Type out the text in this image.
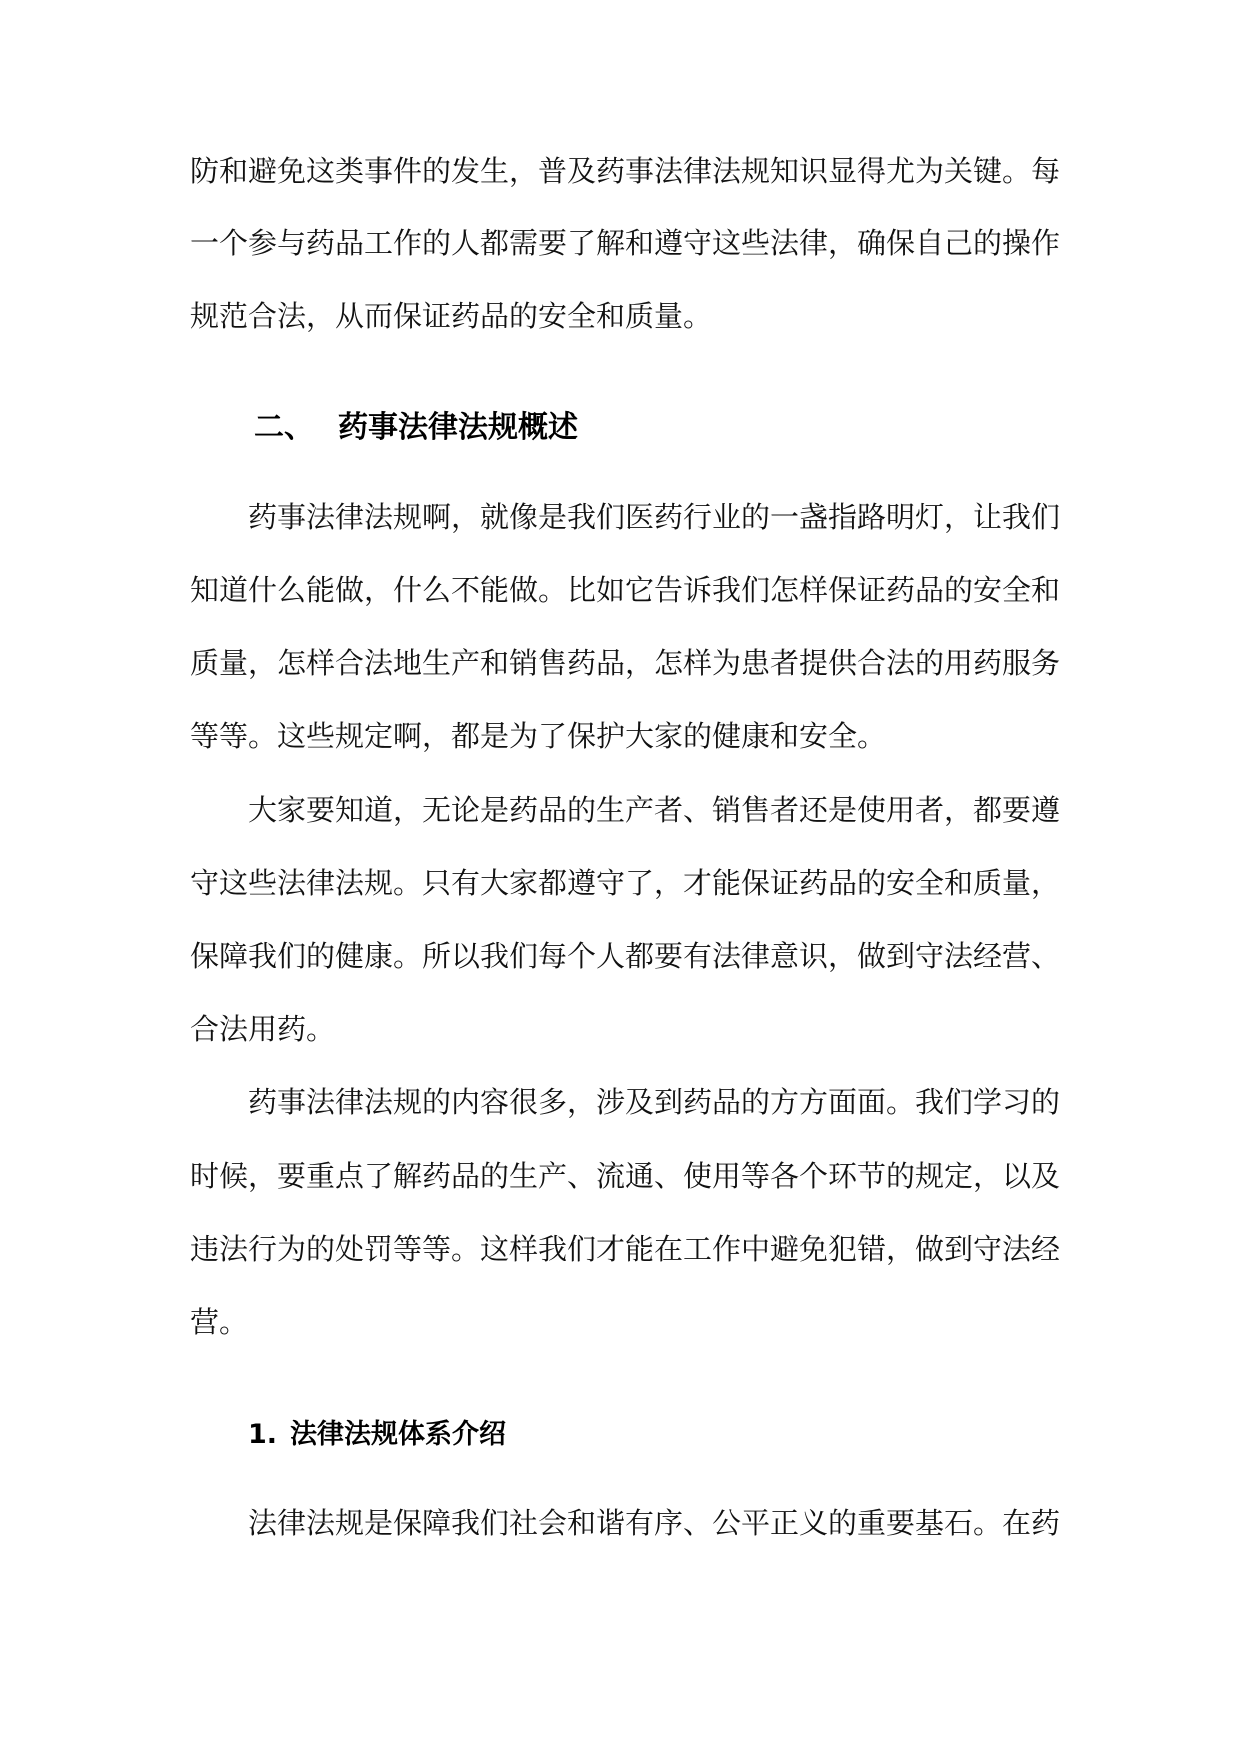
防和避免这类事件的发生，普及药事法律法规知识显得尤为关键。每
一个参与药品工作的人都需要了解和遵守这些法律，确保自己的操作
规范合法，从而保证药品的安全和质量。
二、 药事法律法规概述
药事法律法规啊，就像是我们医药行业的一盏指路明灯，让我们
知道什么能做，什么不能做。比如它告诉我们怎样保证药品的安全和
质量，怎样合法地生产和销售药品，怎样为患者提供合法的用药服务
等等。这些规定啊，都是为了保护大家的健康和安全。
大家要知道，无论是药品的生产者、销售者还是使用者，都要遵
守这些法律法规。只有大家都遵守了，才能保证药品的安全和质量，
保障我们的健康。所以我们每个人都要有法律意识，做到守法经营、
合法用药。
药事法律法规的内容很多，涉及到药品的方方面面。我们学习的
时候，要重点了解药品的生产、流通、使用等各个环节的规定，以及
违法行为的处罚等等。这样我们才能在工作中避免犯错，做到守法经
营。
1. 法律法规体系介绍
法律法规是保障我们社会和谐有序、公平正义的重要基石。在药
